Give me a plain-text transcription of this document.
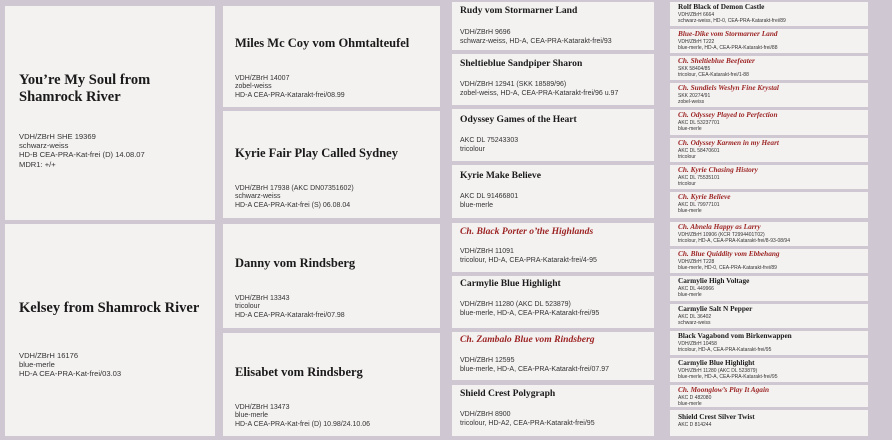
You’re My Soul from Shamrock River
VDH/ZBrH SHE 19369
schwarz-weiss
HD-B CEA-PRA-Kat-frei (D) 14.08.07
MDR1: +/+
Kelsey from Shamrock River
VDH/ZBrH 16176
blue-merle
HD-A CEA-PRA-Kat-frei/03.03
Miles Mc Coy vom Ohmtalteufel
VDH/ZBrH 14007
zobel-weiss
HD-A CEA-PRA-Katarakt-frei/08.99
Kyrie Fair Play Called Sydney
VDH/ZBrH 17938 (AKC DN07351602)
schwarz-weiss
HD-A CEA-PRA-Kat-frei (S) 06.08.04
Danny vom Rindsberg
VDH/ZBrH 13343
tricolour
HD-A CEA-PRA-Katarakt-frei/07.98
Elisabet vom Rindsberg
VDH/ZBrH 13473
blue-merle
HD-A CEA-PRA-Kat-frei (D) 10.98/24.10.06
Rudy vom Stormarner Land
VDH/ZBrH 9696
schwarz-weiss, HD-A, CEA-PRA-Katarakt-frei/93
Sheltieblue Sandpiper Sharon
VDH/ZBrH 12941 (SKK 18589/96)
zobel-weiss, HD-A, CEA-PRA-Katarakt-frei/96 u.97
Odyssey Games of the Heart
AKC DL 75243303
tricolour
Kyrie Make Believe
AKC DL 91466801
blue-merle
Ch. Black Porter o’the Highlands
VDH/ZBrH 11091
tricolour, HD-A, CEA-PRA-Katarakt-frei/4-95
Carmylie Blue Highlight
VDH/ZBrH 11280 (AKC DL 523879)
blue-merle, HD-A, CEA-PRA-Katarakt-frei/95
Ch. Zambalo Blue vom Rindsberg
VDH/ZBrH 12595
blue-merle, HD-A, CEA-PRA-Katarakt-frei/07.97
Shield Crest Polygraph
VDH/ZBrH 8900
tricolour, HD-A2, CEA-PRA-Katarakt-frei/95
Rolf Black of Demon Castle
VDH/ZBrH 6664
schwarz-weiss, HD-0, CEA-PRA-Katarakt-frei/89
Blue-Dike vom Stormarner Land
VDH/ZBrH T222
blue-merle, HD-A, CEA-PRA-Katarakt-frei/88
Ch. Sheltieblue Beefeater
SKK 58404/85
tricolour, CEA-Katarakt-frei/1-88
Ch. Sundiels Weslyn Fine Krystal
SKK 20274/91
zobel-weiss
Ch. Odyssey Played to Perfection
AKC DL 53237701
blue-merle
Ch. Odyssey Karmen in my Heart
AKC DL 58470601
tricolour
Ch. Kyrie Chasing History
AKC DL 75535101
tricolour
Ch. Kyrie Believe
AKC DL 79977101
blue-merle
Ch. Abnela Happy as Larry
VDH/ZBrH 10906 (KCR T2994401T02)
tricolour, HD-A, CEA-PRA-Katarakt-frei/8-93-08/94
Ch. Blue Quiddity vom Ebbehang
VDH/ZBrH T228
blue-merle, HD-0, CEA-PRA-Katarakt-frei/89
Carmylie High Voltage
AKC DL 449966
blue-merle
Carmylie Salt N Pepper
AKC DL 36402
schwarz-weiss
Black Vagabond vom Birkenwappen
VDH/ZBrH 10458
tricolour, HD-A, CEA-PRA-Katarakt-frei/95
Carmylie Blue Highlight
VDH/ZBrH 11280 (AKC DL 523879)
blue-merle, HD-A, CEA-PRA-Katarakt-frei/95
Ch. Moonglow’s Play It Again
AKC D 482080
blue-merle
Shield Crest Silver Twist
AKC D 814244
